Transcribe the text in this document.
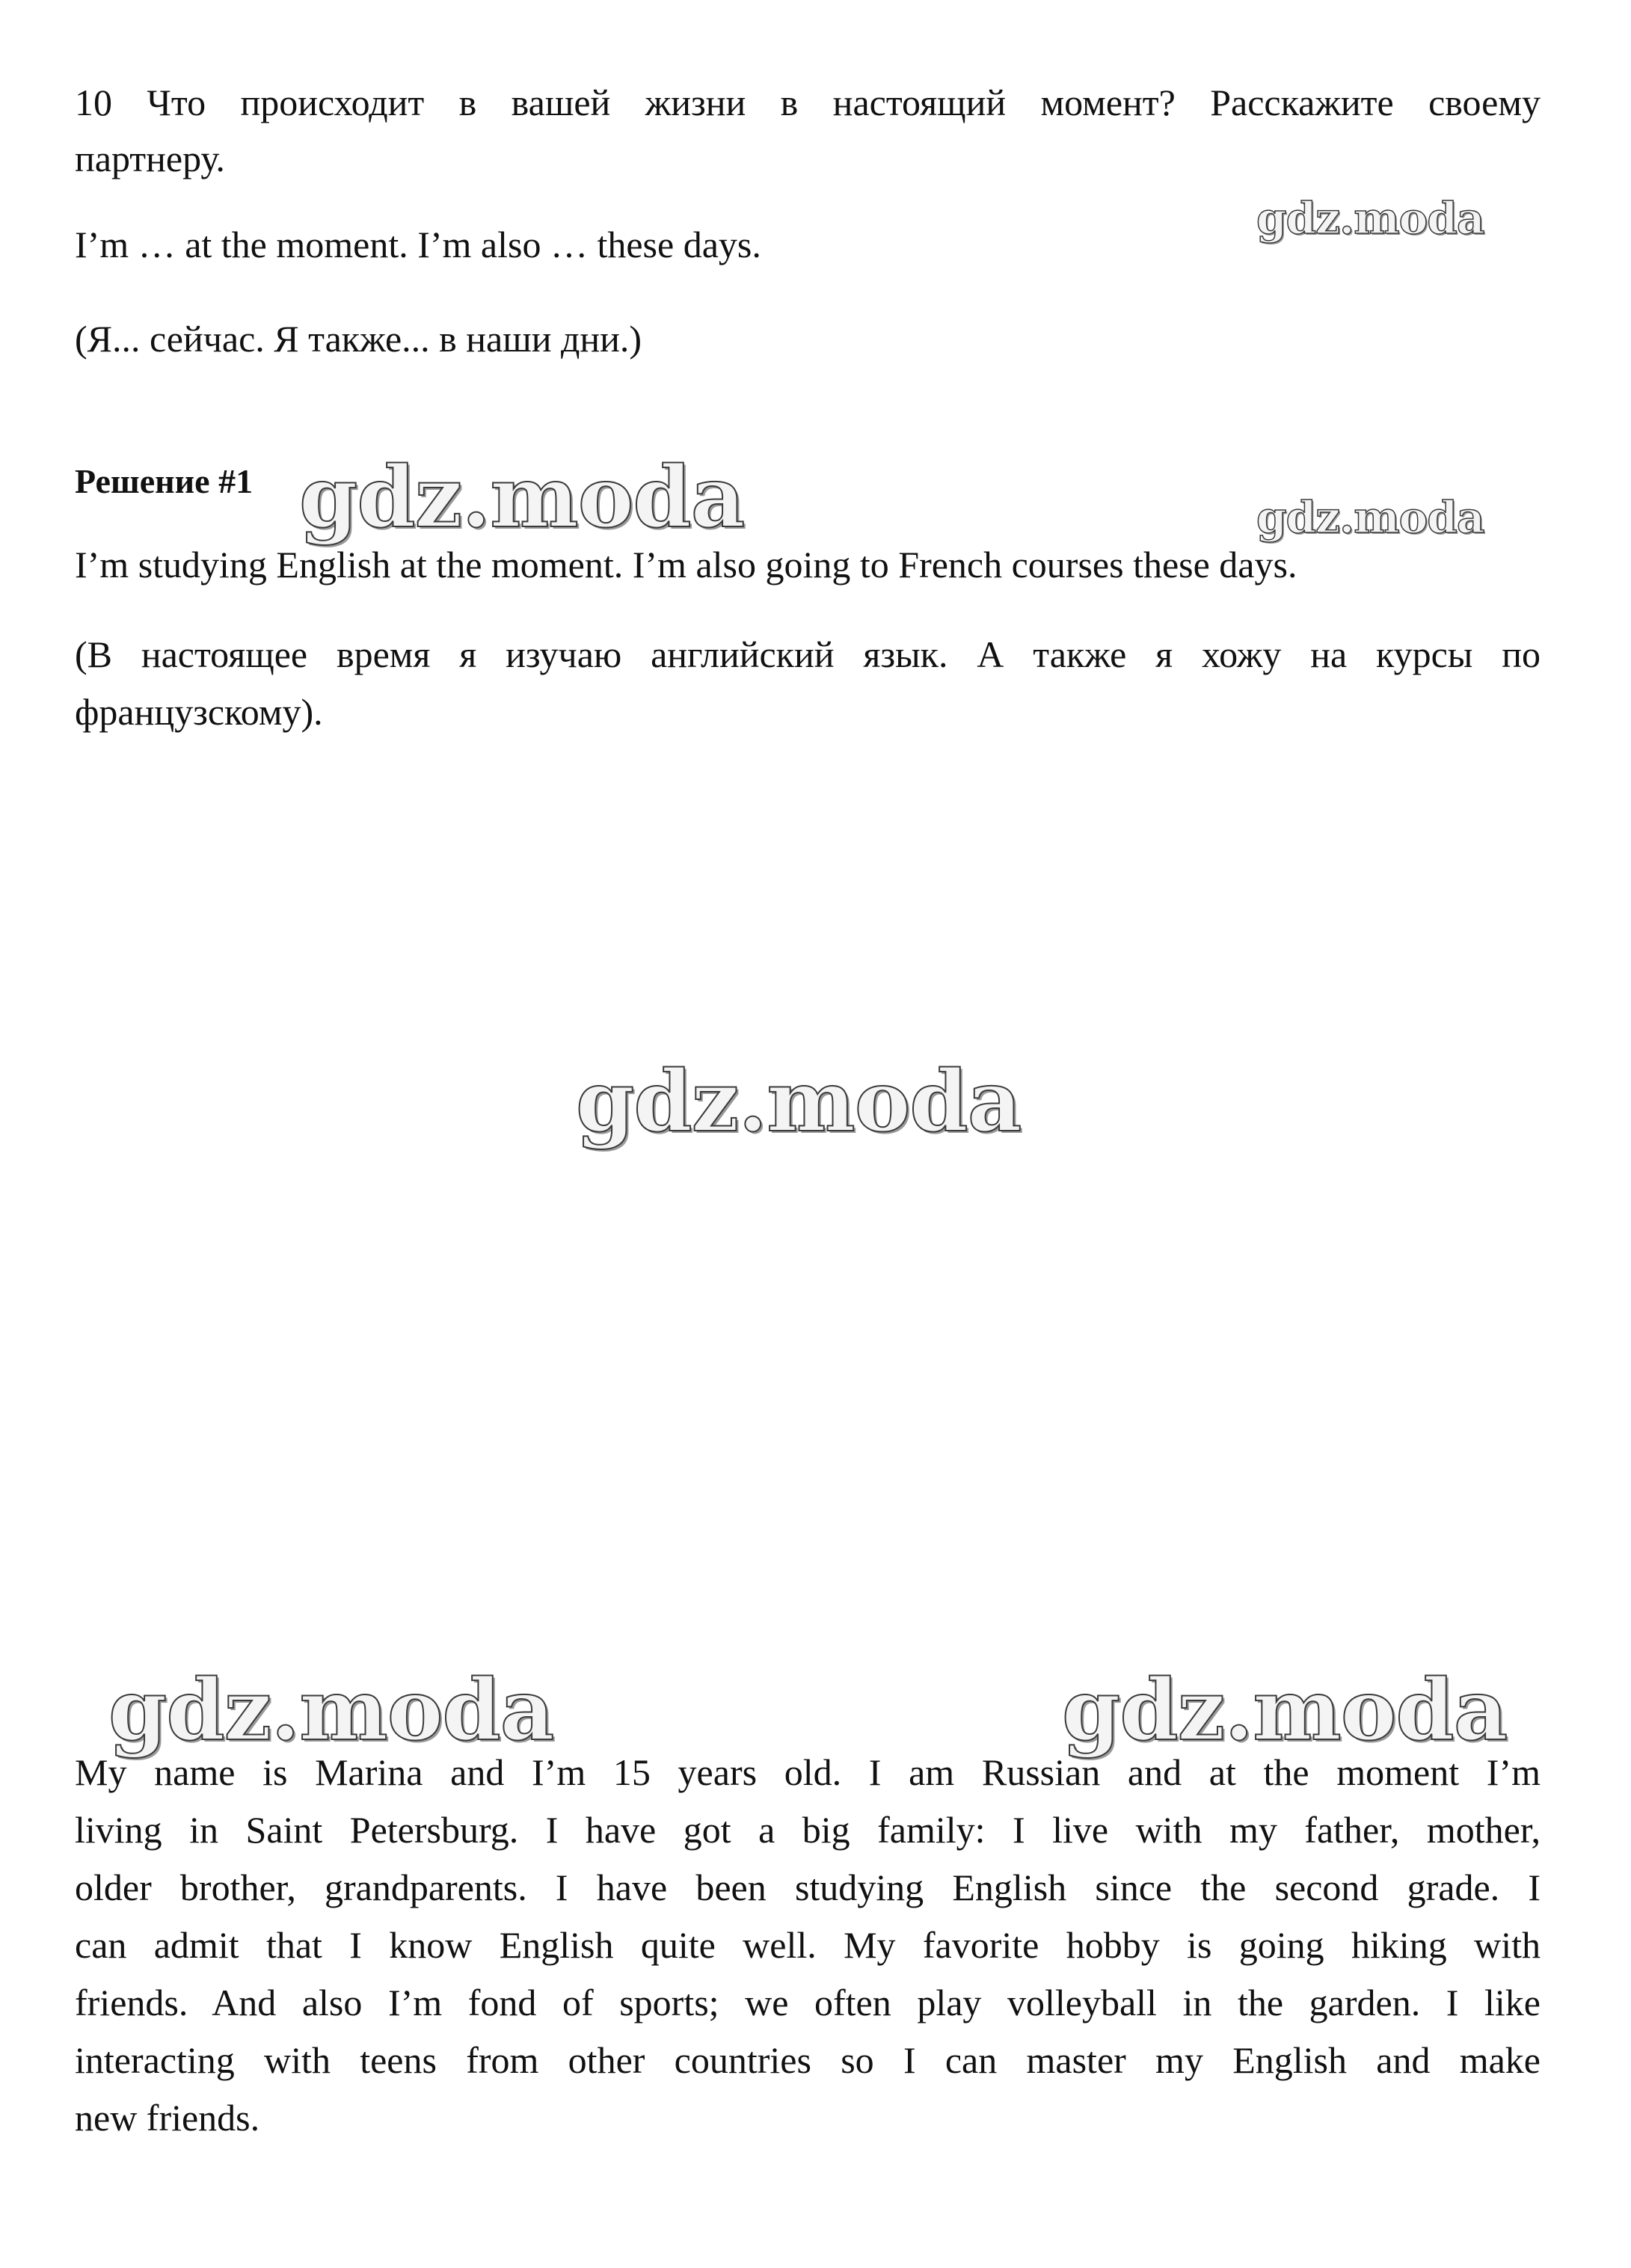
10 Что происходит в вашей жизни в настоящий момент? Расскажите своему
партнеру.
I’m … at the moment. I’m also … these days.
(Я... сейчас. Я также... в наши дни.)
Решение #1
I’m studying English at the moment. I’m also going to French courses these days.
(В настоящее время я изучаю английский язык. А также я хожу на курсы по
французскому).
My name is Marina and I’m 15 years old. I am Russian and at the moment I’m
living in Saint Petersburg. I have got a big family: I live with my father, mother,
older brother, grandparents. I have been studying English since the second grade. I
can admit that I know English quite well. My favorite hobby is going hiking with
friends. And also I’m fond of sports; we often play volleyball in the garden. I like
interacting with teens from other countries so I can master my English and make
new friends.
gdz.moda
gdz.moda	gdz.moda
gdz.moda
gdz.moda	gdz.moda
